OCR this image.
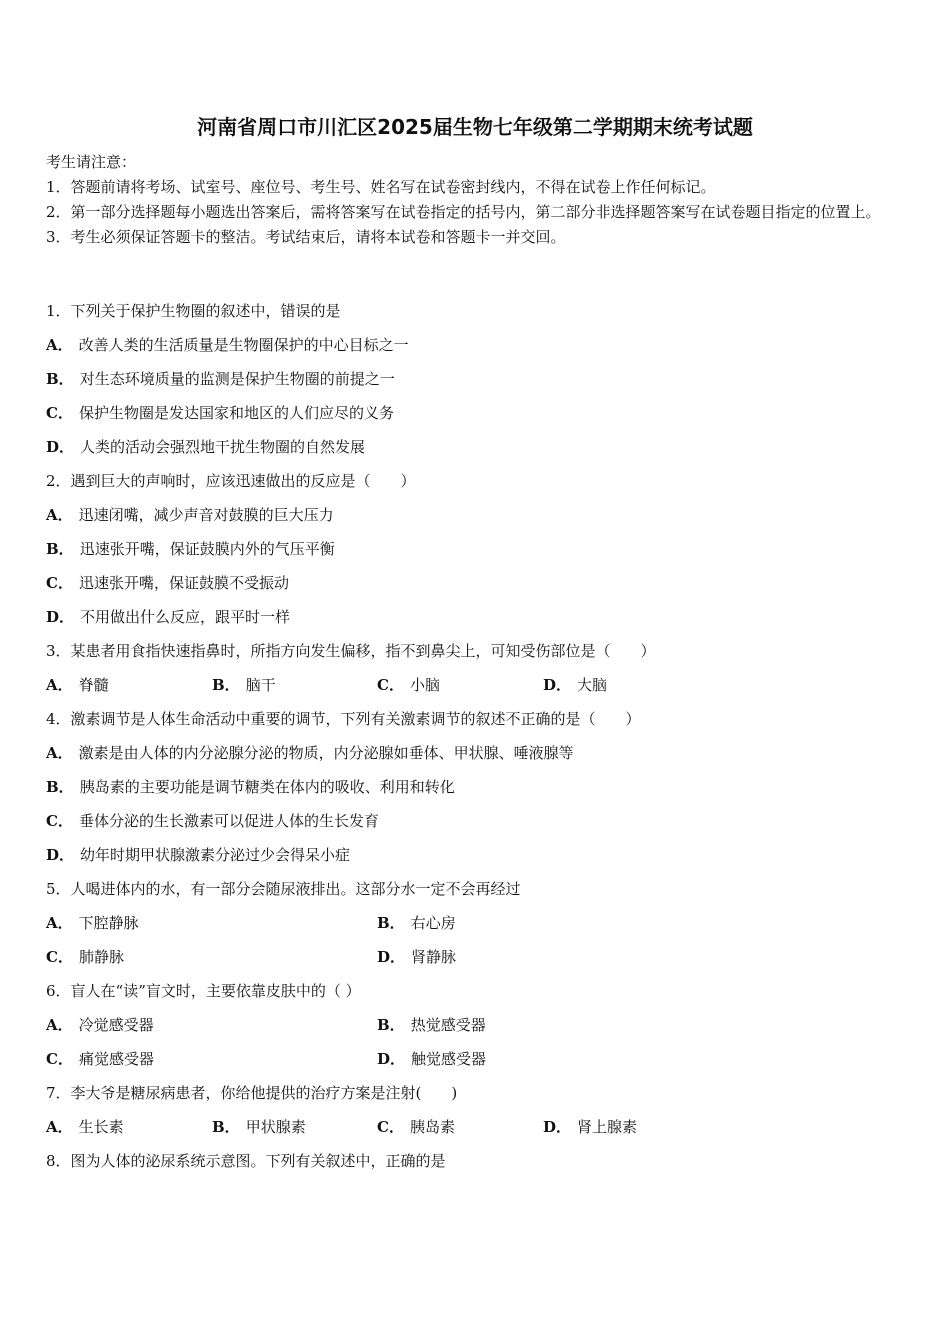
河南省周口市川汇区2025届生物七年级第二学期期末统考试题
考生请注意：
1．答题前请将考场、试室号、座位号、考生号、姓名写在试卷密封线内，不得在试卷上作任何标记。
2．第一部分选择题每小题选出答案后，需将答案写在试卷指定的括号内，第二部分非选择题答案写在试卷题目指定的位置上。
3．考生必须保证答题卡的整洁。考试结束后，请将本试卷和答题卡一并交回。
1．下列关于保护生物圈的叙述中，错误的是
A． 改善人类的生活质量是生物圈保护的中心目标之一
B． 对生态环境质量的监测是保护生物圈的前提之一
C． 保护生物圈是发达国家和地区的人们应尽的义务
D． 人类的活动会强烈地干扰生物圈的自然发展
2．遇到巨大的声响时，应该迅速做出的反应是（　　）
A． 迅速闭嘴，减少声音对鼓膜的巨大压力
B． 迅速张开嘴，保证鼓膜内外的气压平衡
C． 迅速张开嘴，保证鼓膜不受振动
D． 不用做出什么反应，跟平时一样
3．某患者用食指快速指鼻时，所指方向发生偏移，指不到鼻尖上，可知受伤部位是（　　）
A． 脊髓	B． 脑干	C． 小脑	D． 大脑
4．激素调节是人体生命活动中重要的调节，下列有关激素调节的叙述不正确的是（　　）
A． 激素是由人体的内分泌腺分泌的物质，内分泌腺如垂体、甲状腺、唾液腺等
B． 胰岛素的主要功能是调节糖类在体内的吸收、利用和转化
C． 垂体分泌的生长激素可以促进人体的生长发育
D． 幼年时期甲状腺激素分泌过少会得呆小症
5．人喝进体内的水，有一部分会随尿液排出。这部分水一定不会再经过
A． 下腔静脉	B． 右心房
C． 肺静脉	D． 肾静脉
6．盲人在“读”盲文时，主要依靠皮肤中的（ ）
A． 冷觉感受器	B． 热觉感受器
C． 痛觉感受器	D． 触觉感受器
7．李大爷是糖尿病患者，你给他提供的治疗方案是注射(　　)
A． 生长素	B． 甲状腺素	C． 胰岛素	D． 肾上腺素
8．图为人体的泌尿系统示意图。下列有关叙述中，正确的是
